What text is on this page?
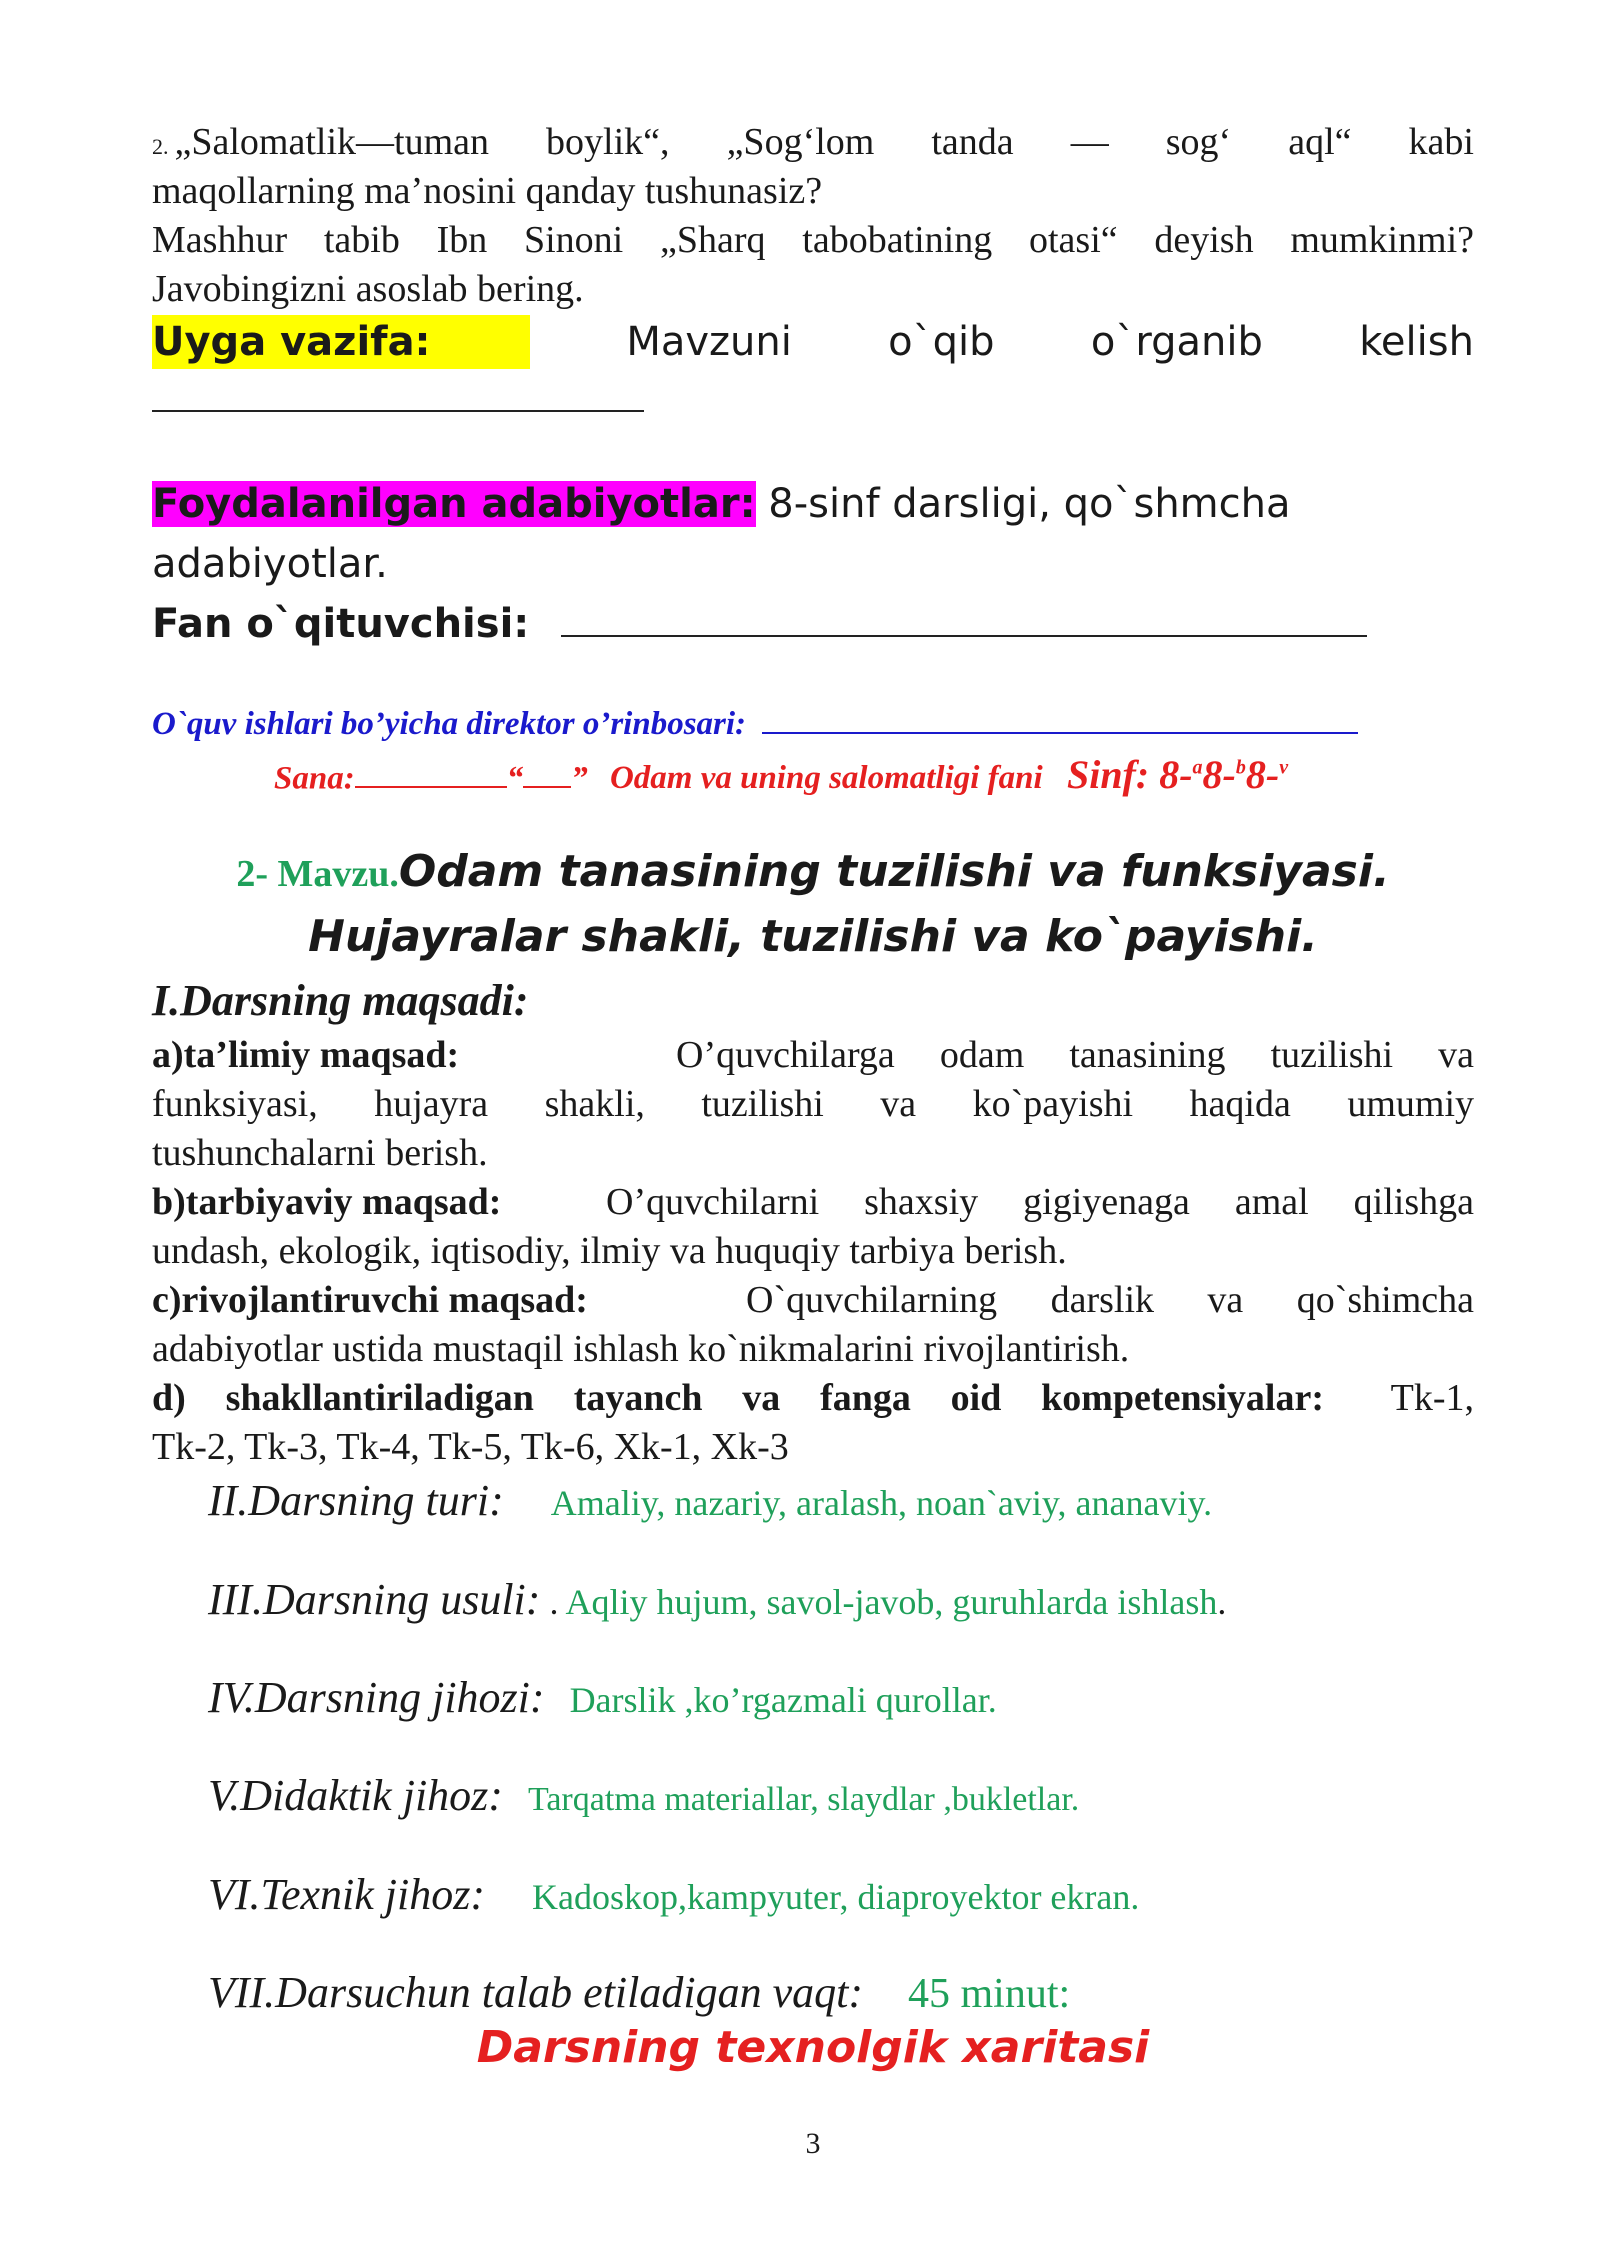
2. „Salomatlik—tuman boylik“, „Sog‘lom tanda — sog‘ aql“ kabi
maqollarning ma’nosini qanday tushunasiz?
Mashhur tabib Ibn Sinoni „Sharq tabobatining otasi“ deyish mumkinmi?
Javobingizni asoslab bering.
Uyga vazifa:	Mavzuni o`qib o`rganib kelish
Foydalanilgan adabiyotlar: 8-sinf darsligi, qo`shmcha
adabiyotlar.
Fan o`qituvchisi:
O`quv ishlari bo’yicha direktor o’rinbosari:
Sana:	“ ” Odam va uning salomatligi fani Sinf: 8-$^a$8-$^b$8-$^v$
2- Mavzu.Odam tanasining tuzilishi va funksiyasi.
Hujayralar shakli, tuzilishi va ko`payishi.
I.Darsning maqsadi:
a)ta’limiy maqsad:	O’quvchilarga odam tanasining tuzilishi va
funksiyasi, hujayra shakli, tuzilishi va ko`payishi haqida umumiy
tushunchalarni berish.
b)tarbiyaviy maqsad:	O’quvchilarni shaxsiy gigiyenaga amal qilishga
undash, ekologik, iqtisodiy, ilmiy va huquqiy tarbiya berish.
c)rivojlantiruvchi maqsad:	O`quvchilarning darslik va qo`shimcha
adabiyotlar ustida mustaqil ishlash ko`nikmalarini rivojlantirish.
d) shakllantiriladigan tayanch va fanga oid kompetensiyalar: Tk-1,
Tk-2, Tk-3, Tk-4, Tk-5, Tk-6, Xk-1, Xk-3
II.Darsning turi: Amaliy, nazariy, aralash, noan`aviy, ananaviy.
III.Darsning usuli: . Aqliy hujum, savol-javob, guruhlarda ishlash.
IV.Darsning jihozi: Darslik ,ko’rgazmali qurollar.
V.Didaktik jihoz: Tarqatma materiallar, slaydlar ,bukletlar.
VI.Texnik jihoz: Kadoskop,kampyuter, diaproyektor ekran.
VII.Darsuchun talab etiladigan vaqt: 45 minut:
Darsning texnolgik xaritasi
3
